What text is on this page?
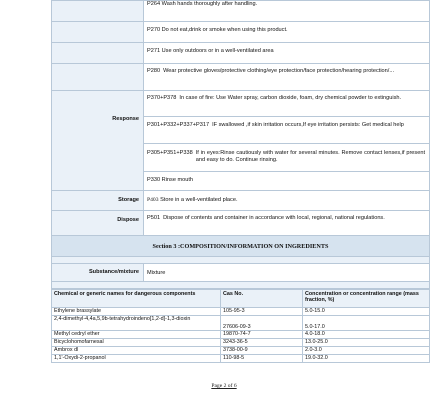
	P264 Wash hands thoroughly after handling.
	P270 Do not eat,drink or smoke when using this product.
	P271 Use only outdoors or in a well-ventilated area

	P280 Wear protective gloves/protective clothing/eye protection/face protection/hearing protection/...

Response	P370+P378 In case of fire: Use Water spray, carbon dioxide, foam, dry chemical powder to extinguish.

	P301+P332+P337+P317 IF swallowed ,if skin irritation occurs,If eye irritation persists: Get medical help

	P305+P351+P338 If in eyes:Rinse cautiously with water for several minutes. Remove contact lenses,if present and easy to do. Continue rinsing.

	P330 Rinse mouth
Storage	P403 Store in a well-ventilated place.
Dispose	P501 Dispose of contents and container in accordance with local, regional, national regulations.

Section 3 :COMPOSITION/INFORMATION ON INGREDIENTS	

Substance/mixture	Mixture

Chemical or generic names for dangerous components	Cas No.	Concentration or concentration range (mass fraction, %)
Ethylene brassylate	105-95-3	5.0-15.0
2,4-dimethyl-4,4a,5,9b-tetrahydroindeno[1,2-d]-1,3-dioxin	27606-09-3	5.0-17.0
Methyl cedryl ether	19870-74-7	4.0-18.0
Bicyclohomofarnesal	3243-36-5	13.0-25.0
Ambrox dl	3738-00-9	2.0-3.0
1,1'-Oxydi-2-propanol	110-98-5	19.0-32.0
Page 2 of 6
